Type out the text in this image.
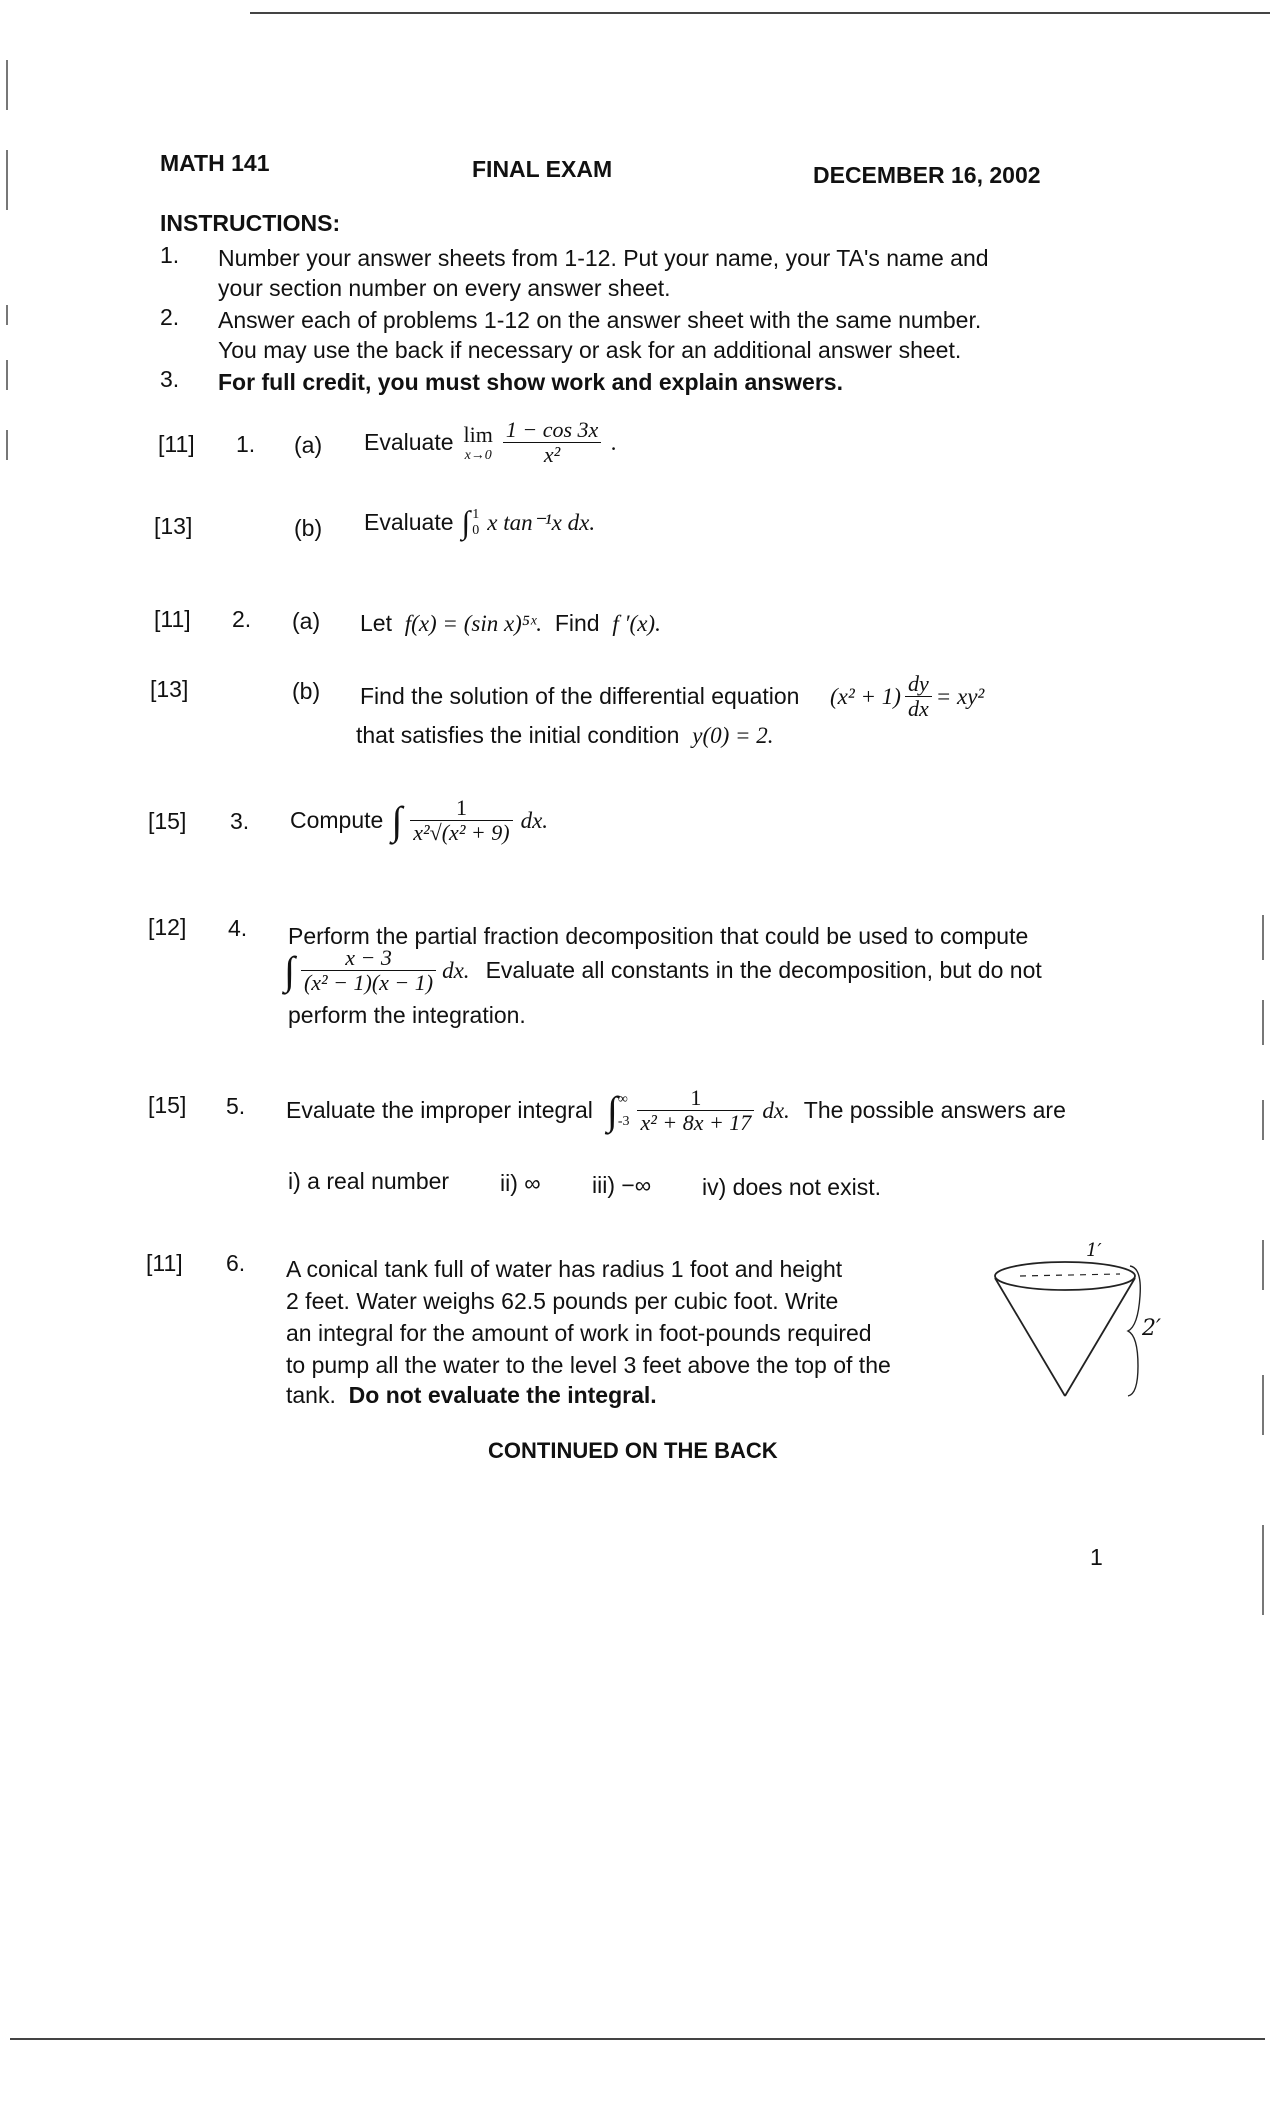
MATH 141	FINAL EXAM	DECEMBER 16, 2002
INSTRUCTIONS:
1. Number your answer sheets from 1-12. Put your name, your TA's name and
your section number on every answer sheet.
2. Answer each of problems 1-12 on the answer sheet with the same number.
You may use the back if necessary or ask for an additional answer sheet.
3. For full credit, you must show work and explain answers.
[11] 1. (a) Evaluate lim
$x\to 0 \frac{1 - \cos 3x}{\text{x²}}$ .
[13]	(b) Evaluate ∫ 1
0 x tan⁻¹x dx.
[11] 2. (a) Let f(x) = (sin x)⁵ˣ. Find f ′(x).
[13]	(b) Find the solution of the differential equation $(x^2 + 1) \frac{dy}{dx} = xy^2$
that satisfies the initial condition y(0) = 2.
[15] 3. Compute ∫ $\frac{1}{\text{x²√(x² + 9)}}$ dx.
[12] 4. Perform the partial fraction decomposition that could be used to compute
∫ $\frac{x - 3}{\text{(x² − 1)(x − 1)}}$ dx. Evaluate all constants in the decomposition, but do not
perform the integration.
[15] 5. Evaluate the improper integral ∫ ∞
$-3 \frac{1}{\text{x² + 8x + 17}}$ dx. The possible answers are
i) a real number ii) ∞ iii) −∞ iv) does not exist.
[11] 6. A conical tank full of water has radius 1 foot and height
2 feet. Water weighs 62.5 pounds per cubic foot. Write
an integral for the amount of work in foot-pounds required
to pump all the water to the level 3 feet above the top of the
tank. Do not evaluate the integral.
1′
2′
CONTINUED ON THE BACK
1
